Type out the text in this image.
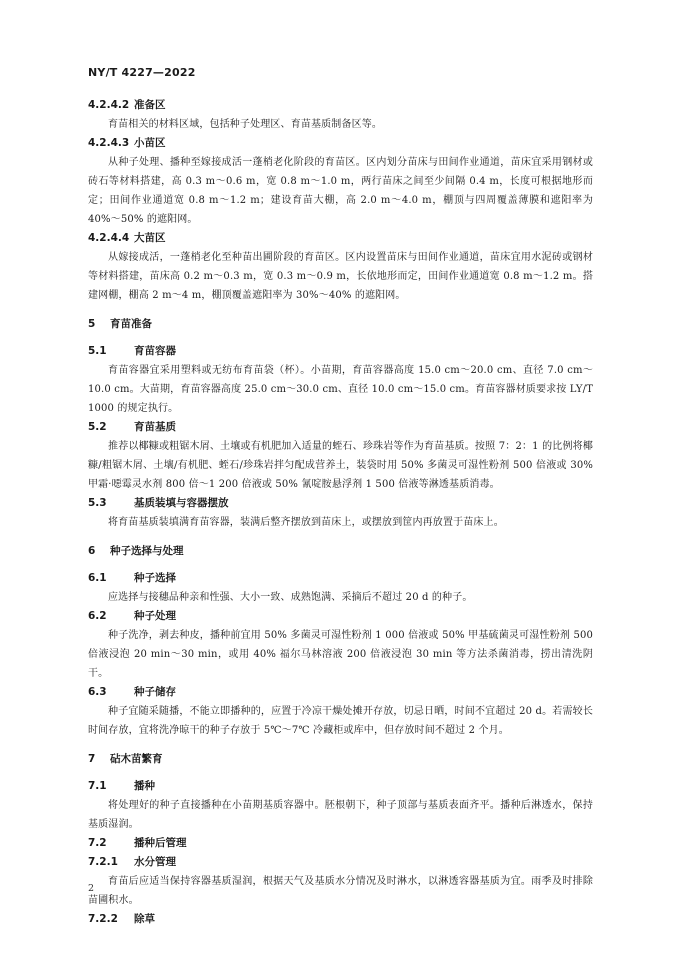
NY/T 4227—2022
4.2.4.2 准备区
育苗相关的材料区域，包括种子处理区、育苗基质制备区等。
4.2.4.3 小苗区
从种子处理、播种至嫁接成活一蓬梢老化阶段的育苗区。区内划分苗床与田间作业通道，苗床宜采用钢材或砖石等材料搭建，高 0.3 m～0.6 m，宽 0.8 m～1.0 m，两行苗床之间至少间隔 0.4 m，长度可根据地形而定；田间作业通道宽 0.8 m～1.2 m；建设育苗大棚，高 2.0 m～4.0 m，棚顶与四周覆盖薄膜和遮阳率为 40%～50% 的遮阳网。
4.2.4.4 大苗区
从嫁接成活，一蓬梢老化至种苗出圃阶段的育苗区。区内设置苗床与田间作业通道，苗床宜用水泥砖或钢材等材料搭建，苗床高 0.2 m～0.3 m，宽 0.3 m～0.9 m，长依地形而定，田间作业通道宽 0.8 m～1.2 m。搭建网棚，棚高 2 m～4 m，棚顶覆盖遮阳率为 30%～40% 的遮阳网。
5 育苗准备
5.1	育苗容器
育苗容器宜采用塑料或无纺布育苗袋（杯）。小苗期，育苗容器高度 15.0 cm～20.0 cm、直径 7.0 cm～10.0 cm。大苗期，育苗容器高度 25.0 cm～30.0 cm、直径 10.0 cm～15.0 cm。育苗容器材质要求按 LY/T 1000 的规定执行。
5.2	育苗基质
推荐以椰糠或粗锯木屑、土壤或有机肥加入适量的蛭石、珍珠岩等作为育苗基质。按照 7：2：1 的比例将椰糠/粗锯木屑、土壤/有机肥、蛭石/珍珠岩拌匀配成营养土，装袋时用 50% 多菌灵可湿性粉剂 500 倍液或 30% 甲霜·噁霉灵水剂 800 倍～1 200 倍液或 50% 氰啶胺悬浮剂 1 500 倍液等淋透基质消毒。
5.3	基质装填与容器摆放
将育苗基质装填满育苗容器，装满后整齐摆放到苗床上，或摆放到筐内再放置于苗床上。
6 种子选择与处理
6.1	种子选择
应选择与接穗品种亲和性强、大小一致、成熟饱满、采摘后不超过 20 d 的种子。
6.2	种子处理
种子洗净，剥去种皮，播种前宜用 50% 多菌灵可湿性粉剂 1 000 倍液或 50% 甲基硫菌灵可湿性粉剂 500 倍液浸泡 20 min～30 min，或用 40% 福尔马林溶液 200 倍液浸泡 30 min 等方法杀菌消毒，捞出清洗阴干。
6.3	种子储存
种子宜随采随播，不能立即播种的，应置于冷凉干燥处摊开存放，切忌日晒，时间不宜超过 20 d。若需较长时间存放，宜将洗净晾干的种子存放于 5℃～7℃ 冷藏柜或库中，但存放时间不超过 2 个月。
7 砧木苗繁育
7.1	播种
将处理好的种子直接播种在小苗期基质容器中。胚根朝下，种子顶部与基质表面齐平。播种后淋透水，保持基质湿润。
7.2	播种后管理
7.2.1 水分管理
育苗后应适当保持容器基质湿润，根据天气及基质水分情况及时淋水，以淋透容器基质为宜。雨季及时排除苗圃积水。
7.2.2 除草
2
